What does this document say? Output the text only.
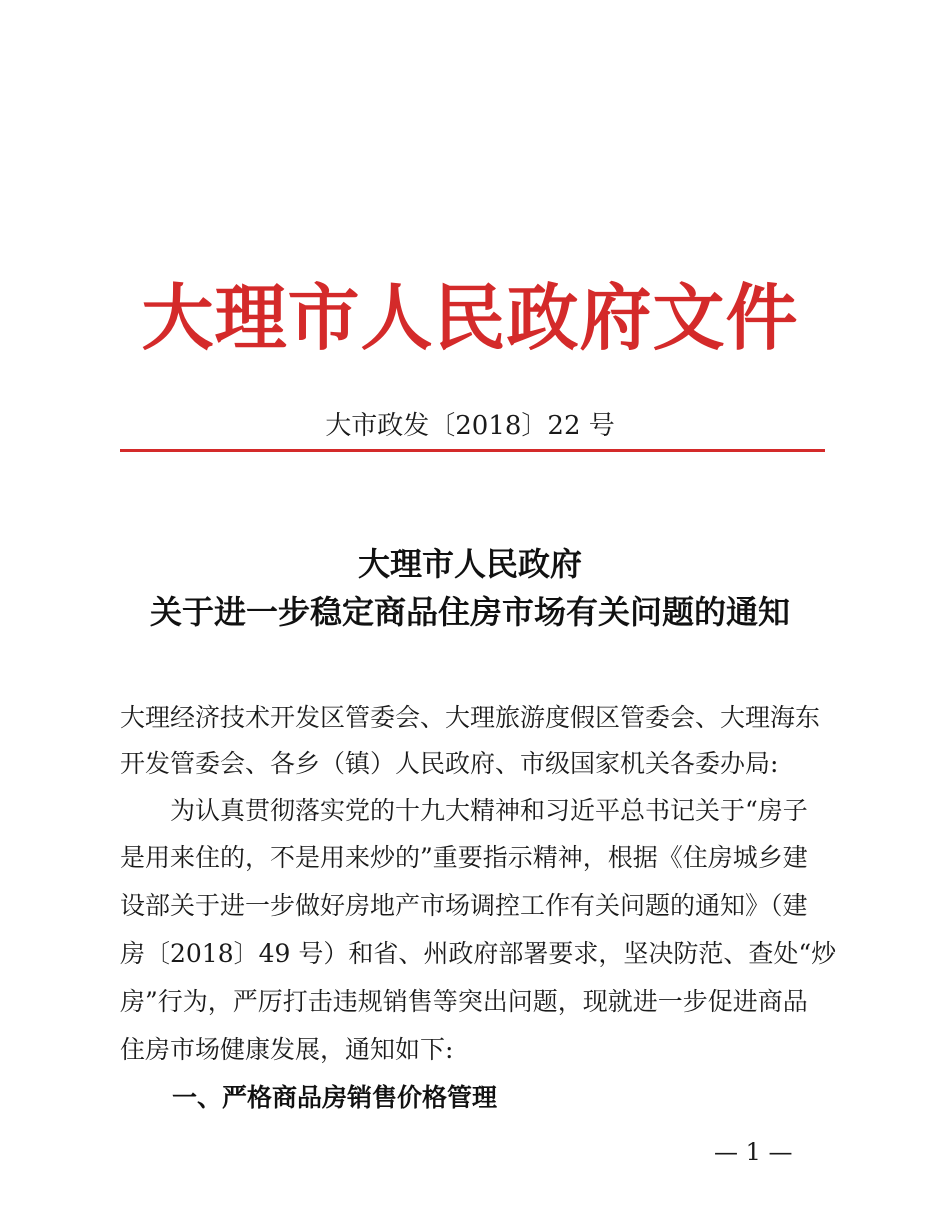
大理市人民政府文件
大市政发〔2018〕22 号
大理市人民政府
关于进一步稳定商品住房市场有关问题的通知
大理经济技术开发区管委会、大理旅游度假区管委会、大理海东
开发管委会、各乡（镇）人民政府、市级国家机关各委办局:
　　为认真贯彻落实党的十九大精神和习近平总书记关于“房子
是用来住的，不是用来炒的”重要指示精神，根据《住房城乡建
设部关于进一步做好房地产市场调控工作有关问题的通知》（建
房〔2018〕49 号）和省、州政府部署要求，坚决防范、查处“炒
房”行为，严厉打击违规销售等突出问题，现就进一步促进商品
住房市场健康发展，通知如下:
一、严格商品房销售价格管理
— 1 —
